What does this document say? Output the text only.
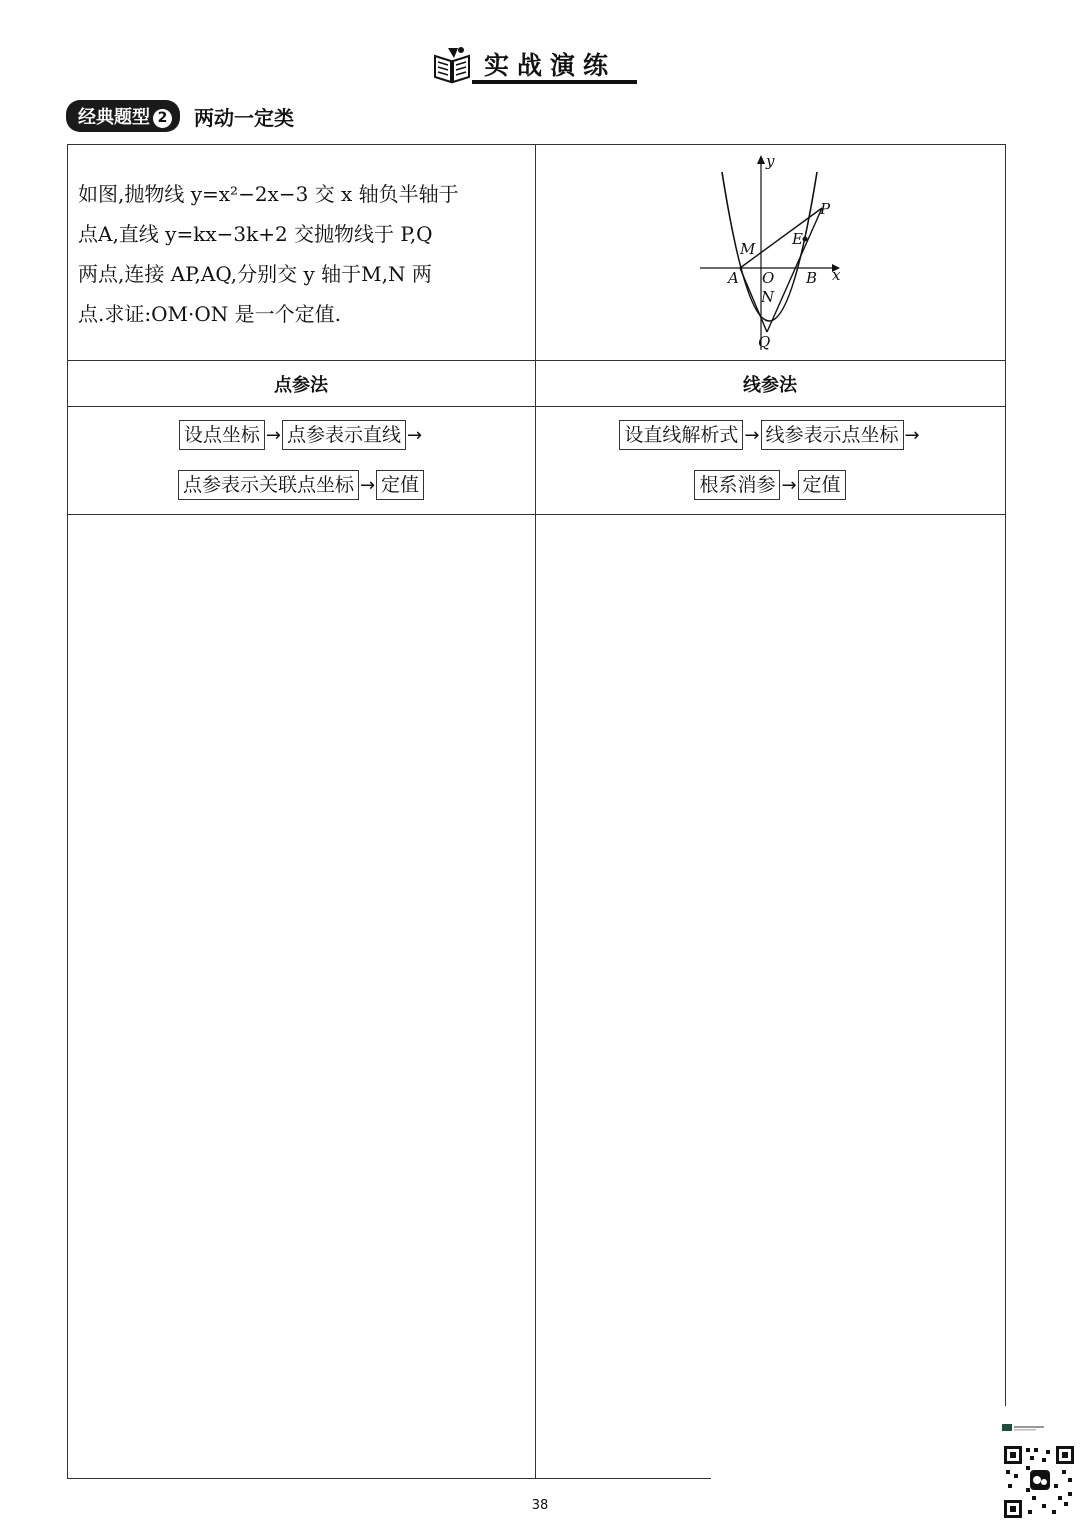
实战演练
经典题型 2 两动一定类
如图,抛物线 y=x²−2x−3 交 x 轴负半轴于
点A,直线 y=kx−3k+2 交抛物线于 P,Q
两点,连接 AP,AQ,分别交 y 轴于M,N 两
点.求证:OM·ON 是一个定值.
y
x
P
E
M
A O B
N
Q
点参法	线参法
设点坐标 → 点参表示直线 →
点参表示关联点坐标 → 定值
设直线解析式 → 线参表示点坐标 →
根系消参 → 定值
38
